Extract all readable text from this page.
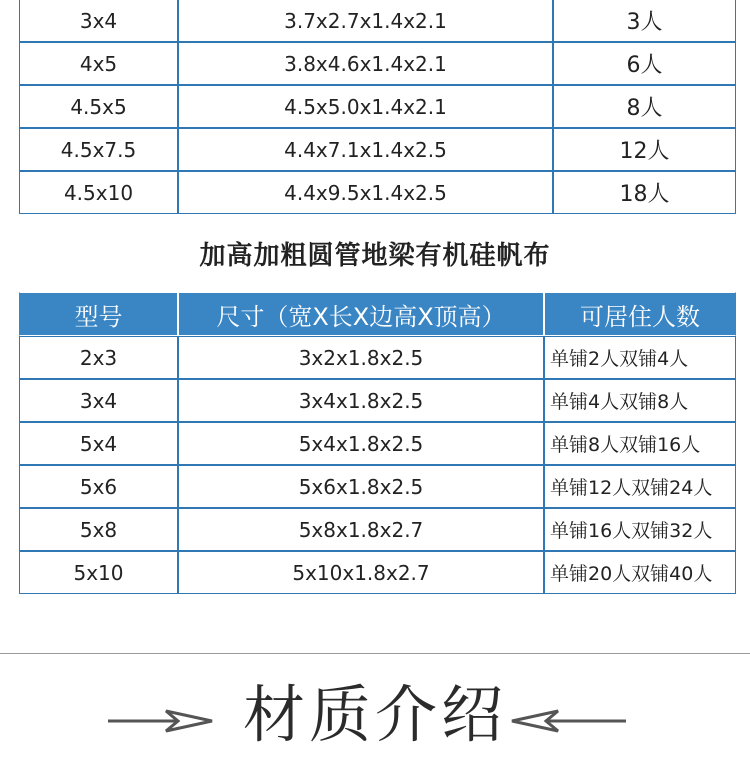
3x4	3.7x2.7x1.4x2.1	3人
4x5	3.8x4.6x1.4x2.1	6人
4.5x5	4.5x5.0x1.4x2.1	8人
4.5x7.5	4.4x7.1x1.4x2.5	12人
4.5x10	4.4x9.5x1.4x2.5	18人
加高加粗圆管地梁有机硅帆布
型号	尺寸（宽X长X边高X顶高）	可居住人数
2x3	3x2x1.8x2.5	单铺2人双铺4人
3x4	3x4x1.8x2.5	单铺4人双铺8人
5x4	5x4x1.8x2.5	单铺8人双铺16人
5x6	5x6x1.8x2.5	单铺12人双铺24人
5x8	5x8x1.8x2.7	单铺16人双铺32人
5x10	5x10x1.8x2.7	单铺20人双铺40人
材质介绍
